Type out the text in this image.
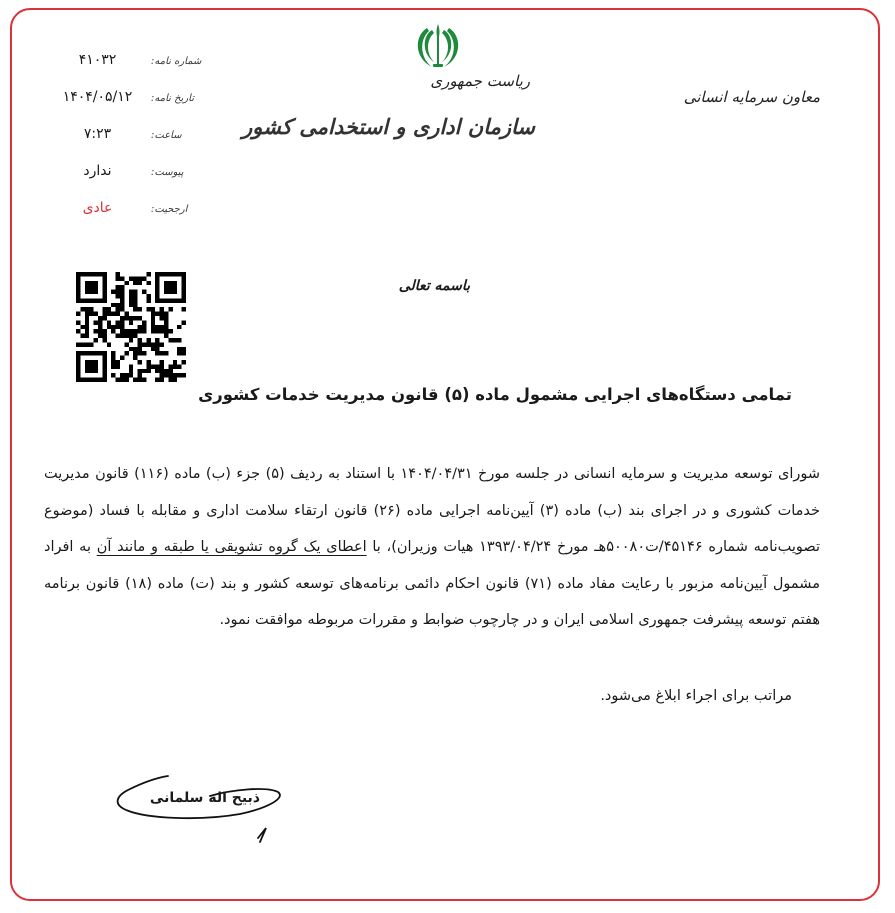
۴۱۰۳۲	شماره نامه:
۱۴۰۴/۰۵/۱۲	تاریخ نامه:
۷:۲۳	ساعت:
ندارد	پیوست:
عادی	ارجحیت:
ریاست جمهوری
سازمان اداری و استخدامی کشور
معاون سرمایه انسانی
باسمه تعالی
تمامی دستگاه‌های اجرایی مشمول ماده (۵) قانون مدیریت خدمات کشوری
شورای توسعه مدیریت و سرمایه انسانی در جلسه مورخ ۱۴۰۴/۰۴/۳۱ با استناد به ردیف (۵) جزء (ب) ماده (۱۱۶) قانون مدیریت خدمات کشوری و در اجرای بند (ب) ماده (۳) آیین‌نامه اجرایی ماده (۲۶) قانون ارتقاء سلامت اداری و مقابله با فساد (موضوع تصویب‌نامه شماره ۴۵۱۴۶/ت۵۰۰۸۰هـ مورخ ۱۳۹۳/۰۴/۲۴ هیات وزیران)، با اعطای یک گروه تشویقی یا طبقه و مانند آن به افراد مشمول آیین‌نامه مزبور با رعایت مفاد ماده (۷۱) قانون احکام دائمی برنامه‌های توسعه کشور و بند (ت) ماده (۱۸) قانون برنامه هفتم توسعه پیشرفت جمهوری اسلامی ایران و در چارچوب ضوابط و مقررات مربوطه موافقت نمود.
مراتب برای اجراء ابلاغ می‌شود.
ذبیح اله سلمانی
